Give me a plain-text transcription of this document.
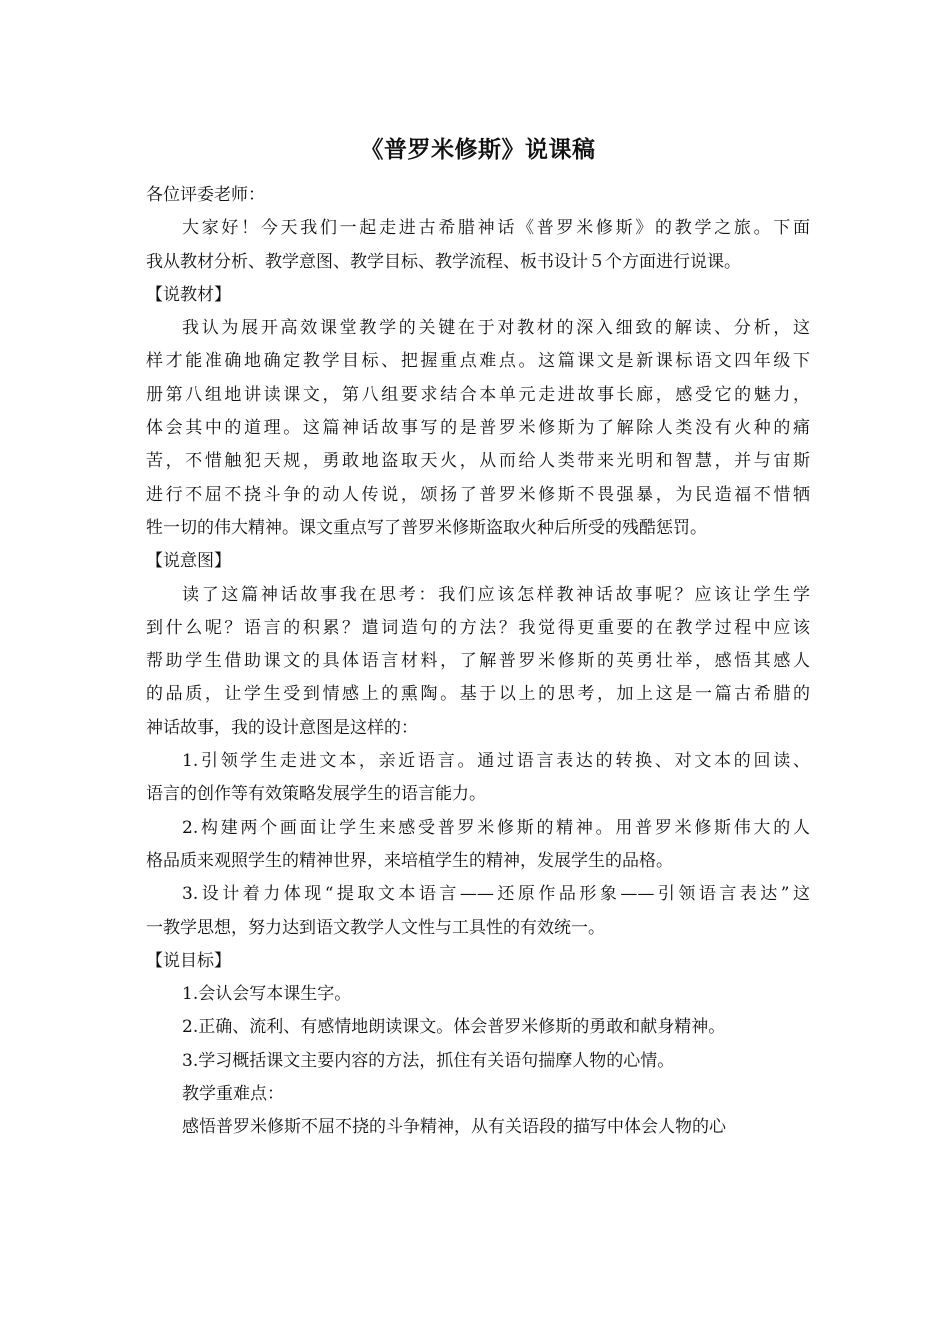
《普罗米修斯》说课稿

各位评委老师：

大家好！今天我们一起走进古希腊神话《普罗米修斯》的教学之旅。下面

我从教材分析、教学意图、教学目标、教学流程、板书设计５个方面进行说课。

【说教材】

我认为展开高效课堂教学的关键在于对教材的深入细致的解读、分析，这

样才能准确地确定教学目标、把握重点难点。这篇课文是新课标语文四年级下

册第八组地讲读课文，第八组要求结合本单元走进故事长廊，感受它的魅力，

体会其中的道理。这篇神话故事写的是普罗米修斯为了解除人类没有火种的痛

苦，不惜触犯天规，勇敢地盗取天火，从而给人类带来光明和智慧，并与宙斯

进行不屈不挠斗争的动人传说，颂扬了普罗米修斯不畏强暴，为民造福不惜牺

牲一切的伟大精神。课文重点写了普罗米修斯盗取火种后所受的残酷惩罚。

【说意图】

读了这篇神话故事我在思考：我们应该怎样教神话故事呢？应该让学生学

到什么呢？语言的积累？遣词造句的方法？我觉得更重要的在教学过程中应该

帮助学生借助课文的具体语言材料，了解普罗米修斯的英勇壮举，感悟其感人

的品质，让学生受到情感上的熏陶。基于以上的思考，加上这是一篇古希腊的

神话故事，我的设计意图是这样的：

1.引领学生走进文本，亲近语言。通过语言表达的转换、对文本的回读、

语言的创作等有效策略发展学生的语言能力。

2.构建两个画面让学生来感受普罗米修斯的精神。用普罗米修斯伟大的人

格品质来观照学生的精神世界，来培植学生的精神，发展学生的品格。

3.设计着力体现“提取文本语言——还原作品形象——引领语言表达”这

一教学思想，努力达到语文教学人文性与工具性的有效统一。

【说目标】

1.会认会写本课生字。

2.正确、流利、有感情地朗读课文。体会普罗米修斯的勇敢和献身精神。

3.学习概括课文主要内容的方法，抓住有关语句揣摩人物的心情。

教学重难点：

感悟普罗米修斯不屈不挠的斗争精神，从有关语段的描写中体会人物的心
